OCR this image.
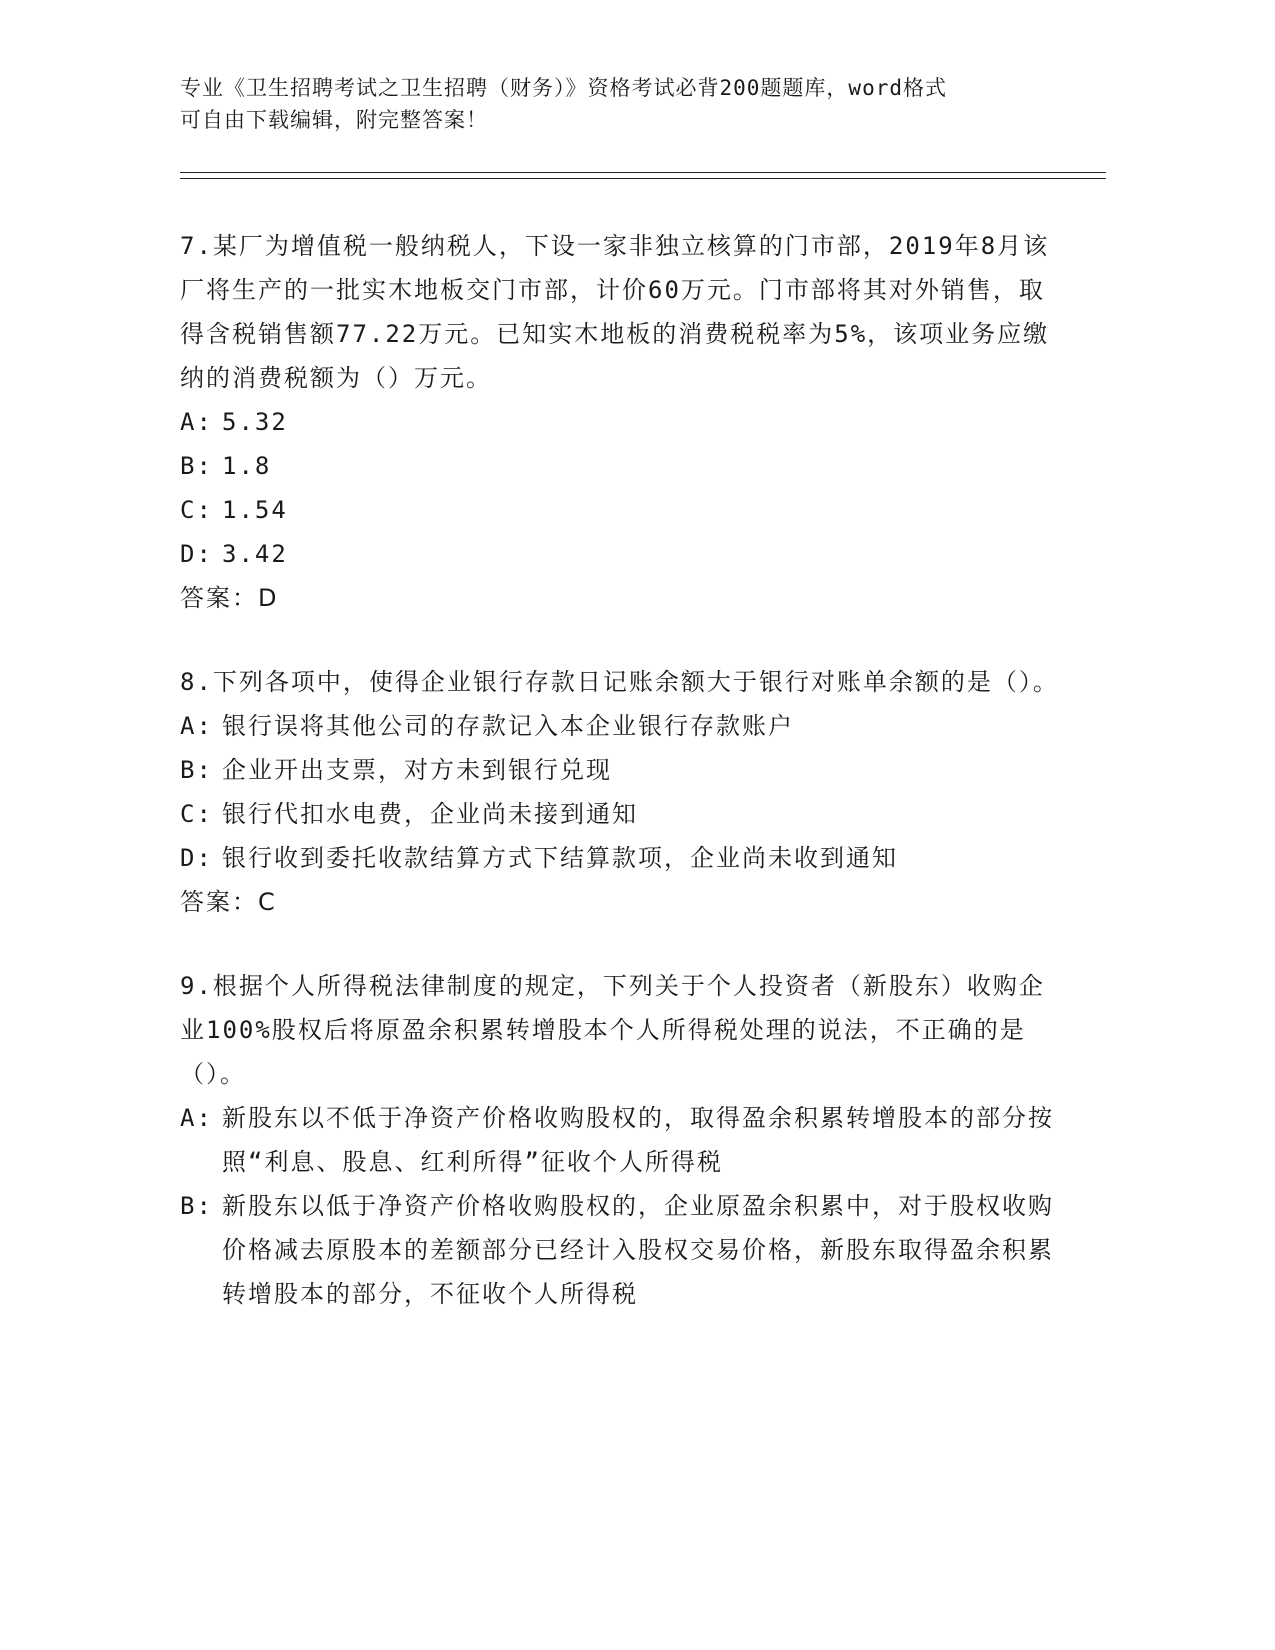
专业《卫生招聘考试之卫生招聘（财务）》资格考试必背200题题库，word格式
可自由下载编辑，附完整答案！

7.某厂为增值税一般纳税人，下设一家非独立核算的门市部，2019年8月该厂将生产的一批实木地板交门市部，计价60万元。门市部将其对外销售，取得含税销售额77.22万元。已知实木地板的消费税税率为5%，该项业务应缴纳的消费税额为（）万元。

A: 5.32
B: 1.8
C: 1.54
D: 3.42

答案：D

8.下列各项中，使得企业银行存款日记账余额大于银行对账单余额的是（）。

A: 银行误将其他公司的存款记入本企业银行存款账户
B: 企业开出支票，对方未到银行兑现
C: 银行代扣水电费，企业尚未接到通知
D: 银行收到委托收款结算方式下结算款项，企业尚未收到通知

答案：C

9.根据个人所得税法律制度的规定，下列关于个人投资者（新股东）收购企业100%股权后将原盈余积累转增股本个人所得税处理的说法，不正确的是（）。

A: 新股东以不低于净资产价格收购股权的，取得盈余积累转增股本的部分按照“利息、股息、红利所得”征收个人所得税
B: 新股东以低于净资产价格收购股权的，企业原盈余积累中，对于股权收购价格减去原股本的差额部分已经计入股权交易价格，新股东取得盈余积累转增股本的部分，不征收个人所得税
